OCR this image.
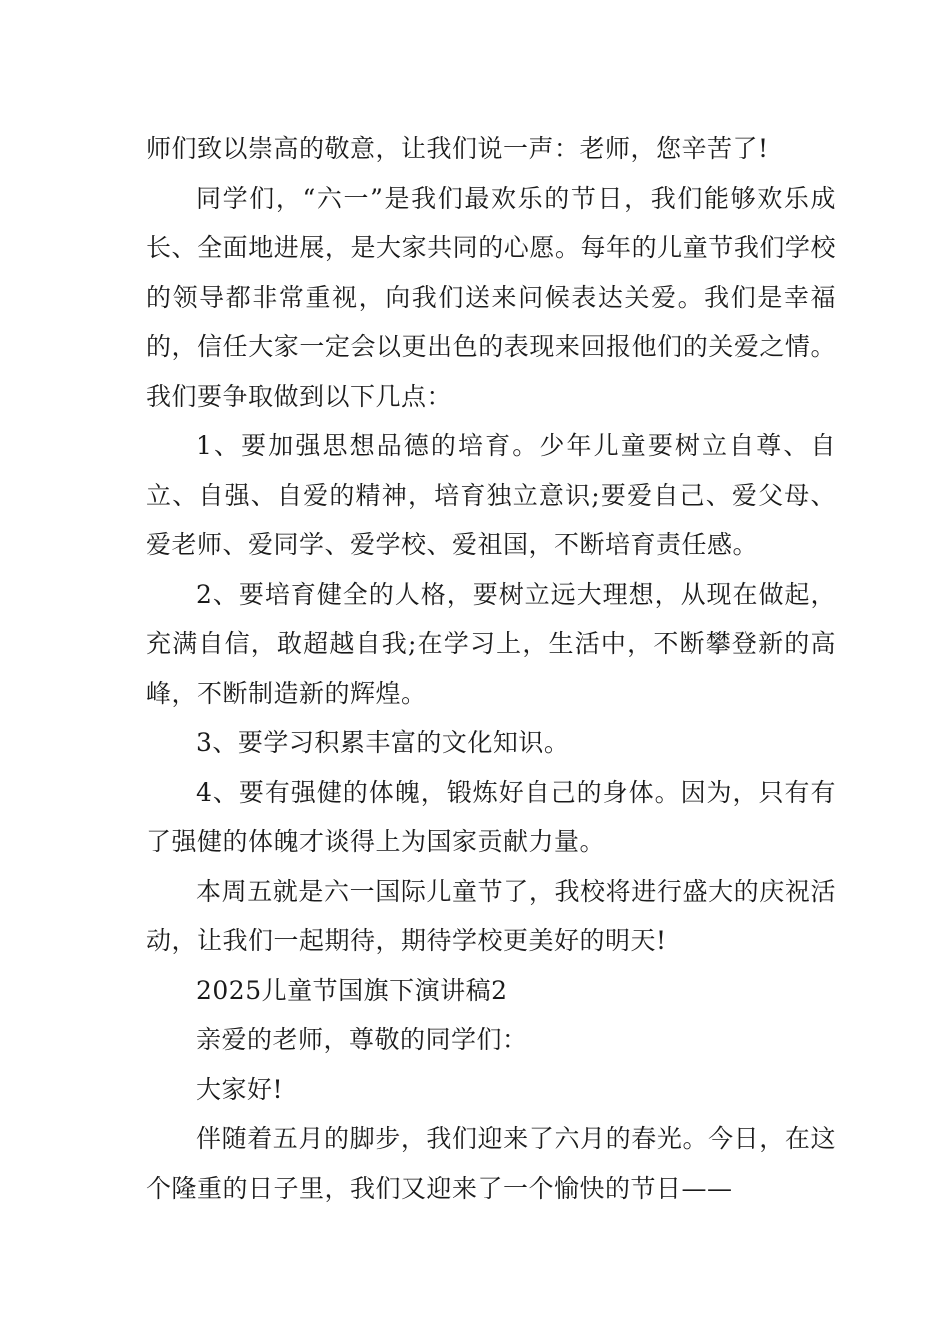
师们致以崇高的敬意，让我们说一声：老师，您辛苦了!

同学们，“六一”是我们最欢乐的节日，我们能够欢乐成长、全面地进展，是大家共同的心愿。每年的儿童节我们学校的领导都非常重视，向我们送来问候表达关爱。我们是幸福的，信任大家一定会以更出色的表现来回报他们的关爱之情。我们要争取做到以下几点：

1、要加强思想品德的培育。少年儿童要树立自尊、自立、自强、自爱的精神，培育独立意识;要爱自己、爱父母、爱老师、爱同学、爱学校、爱祖国，不断培育责任感。

2、要培育健全的人格，要树立远大理想，从现在做起，充满自信，敢超越自我;在学习上，生活中，不断攀登新的高峰，不断制造新的辉煌。

3、要学习积累丰富的文化知识。

4、要有强健的体魄，锻炼好自己的身体。因为，只有有了强健的体魄才谈得上为国家贡献力量。

本周五就是六一国际儿童节了，我校将进行盛大的庆祝活动，让我们一起期待，期待学校更美好的明天!

2025儿童节国旗下演讲稿2

亲爱的老师，尊敬的同学们：

大家好!

伴随着五月的脚步，我们迎来了六月的春光。今日，在这个隆重的日子里，我们又迎来了一个愉快的节日——
